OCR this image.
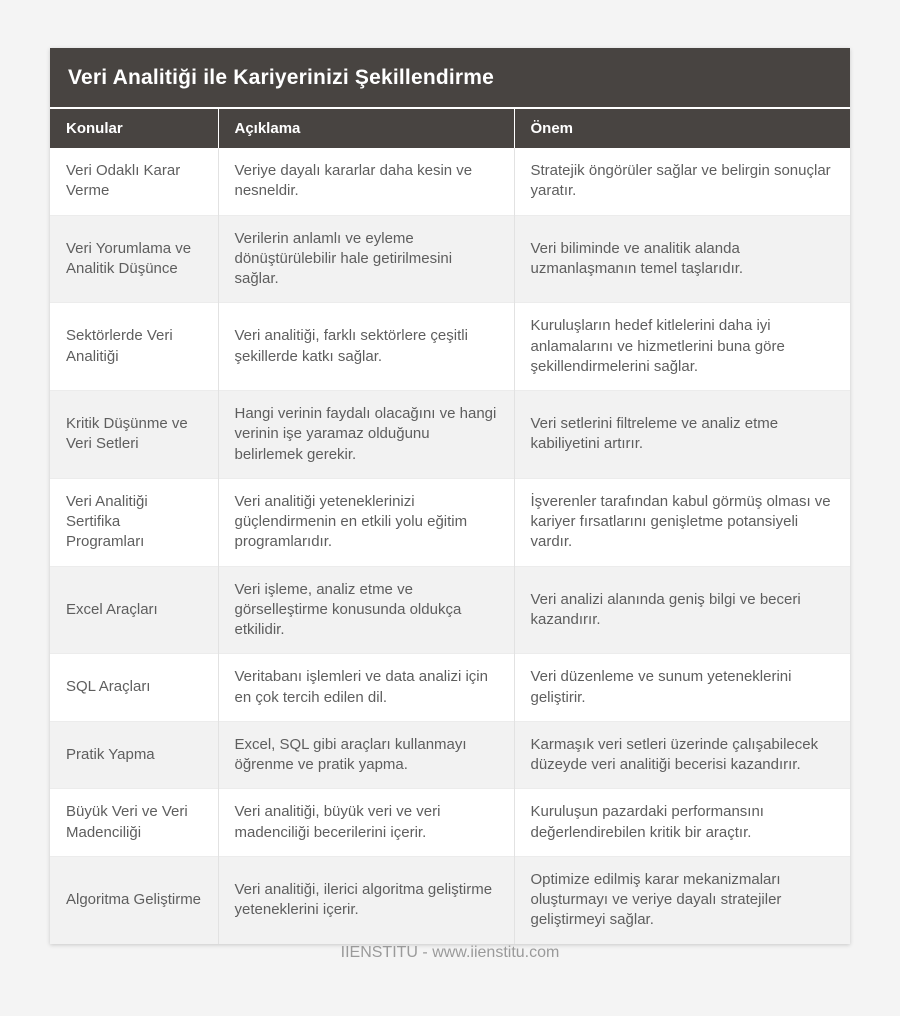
Veri Analitiği ile Kariyerinizi Şekillendirme
Konular	Açıklama	Önem
Veri Odaklı Karar Verme	Veriye dayalı kararlar daha kesin ve nesneldir.	Stratejik öngörüler sağlar ve belirgin sonuçlar yaratır.
Veri Yorumlama ve Analitik Düşünce	Verilerin anlamlı ve eyleme dönüştürülebilir hale getirilmesini sağlar.	Veri biliminde ve analitik alanda uzmanlaşmanın temel taşlarıdır.
Sektörlerde Veri Analitiği	Veri analitiği, farklı sektörlere çeşitli şekillerde katkı sağlar.	Kuruluşların hedef kitlelerini daha iyi anlamalarını ve hizmetlerini buna göre şekillendirmelerini sağlar.
Kritik Düşünme ve Veri Setleri	Hangi verinin faydalı olacağını ve hangi verinin işe yaramaz olduğunu belirlemek gerekir.	Veri setlerini filtreleme ve analiz etme kabiliyetini artırır.
Veri Analitiği Sertifika Programları	Veri analitiği yeteneklerinizi güçlendirmenin en etkili yolu eğitim programlarıdır.	İşverenler tarafından kabul görmüş olması ve kariyer fırsatlarını genişletme potansiyeli vardır.
Excel Araçları	Veri işleme, analiz etme ve görselleştirme konusunda oldukça etkilidir.	Veri analizi alanında geniş bilgi ve beceri kazandırır.
SQL Araçları	Veritabanı işlemleri ve data analizi için en çok tercih edilen dil.	Veri düzenleme ve sunum yeteneklerini geliştirir.
Pratik Yapma	Excel, SQL gibi araçları kullanmayı öğrenme ve pratik yapma.	Karmaşık veri setleri üzerinde çalışabilecek düzeyde veri analitiği becerisi kazandırır.
Büyük Veri ve Veri Madenciliği	Veri analitiği, büyük veri ve veri madenciliği becerilerini içerir.	Kuruluşun pazardaki performansını değerlendirebilen kritik bir araçtır.
Algoritma Geliştirme	Veri analitiği, ilerici algoritma geliştirme yeteneklerini içerir.	Optimize edilmiş karar mekanizmaları oluşturmayı ve veriye dayalı stratejiler geliştirmeyi sağlar.
IIENSTITU - www.iienstitu.com
